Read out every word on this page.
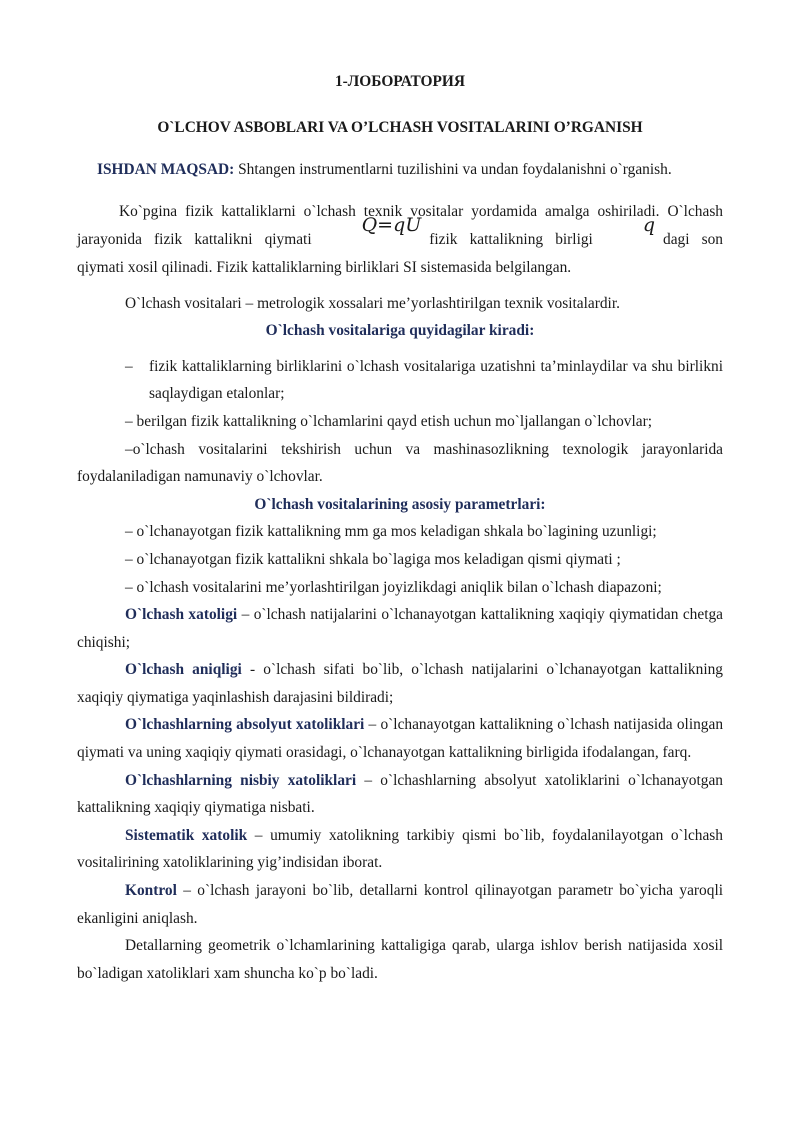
1-ЛОБОРАТОРИЯ

O`LCHOV ASBOBLARI VA O’LCHASH VOSITALARINI O’RGANISH

ISHDAN MAQSAD: Shtangen instrumentlarni tuzilishini va undan foydalanishni o`rganish.

Ko`pgina fizik kattaliklarni o`lchash texnik vositalar yordamida amalga oshiriladi. O`lchash jarayonida fizik kattalikni qiymatiQ=qUfizik kattalikning birligiqdagi son qiymati xosil qilinadi. Fizik kattaliklarning birliklari SI sistemasida belgilangan.

O`lchash vositalari – metrologik xossalari me’yorlashtirilgan texnik vositalardir.

O`lchash vositalariga quyidagilar kiradi:

–	fizik kattaliklarning birliklarini o`lchash vositalariga uzatishni ta’minlaydilar va shu birlikni saqlaydigan etalonlar;

– berilgan fizik kattalikning o`lchamlarini qayd etish uchun mo`ljallangan o`lchovlar;

–o`lchash vositalarini tekshirish uchun va mashinasozlikning texnologik jarayonlarida foydalaniladigan namunaviy o`lchovlar.

O`lchash vositalarining asosiy parametrlari:

– o`lchanayotgan fizik kattalikning mm ga mos keladigan shkala bo`lagining uzunligi;

– o`lchanayotgan fizik kattalikni shkala bo`lagiga mos keladigan qismi qiymati ;

– o`lchash vositalarini me’yorlashtirilgan joyizlikdagi aniqlik bilan o`lchash diapazoni;

O`lchash xatoligi – o`lchash natijalarini o`lchanayotgan kattalikning xaqiqiy qiymatidan chetga chiqishi;

O`lchash aniqligi - o`lchash sifati bo`lib, o`lchash natijalarini o`lchanayotgan kattalikning xaqiqiy qiymatiga yaqinlashish darajasini bildiradi;

O`lchashlarning absolyut xatoliklari – o`lchanayotgan kattalikning o`lchash natijasida olingan qiymati va uning xaqiqiy qiymati orasidagi, o`lchanayotgan kattalikning birligida ifodalangan, farq.

O`lchashlarning nisbiy xatoliklari – o`lchashlarning absolyut xatoliklarini o`lchanayotgan kattalikning xaqiqiy qiymatiga nisbati.

Sistematik xatolik – umumiy xatolikning tarkibiy qismi bo`lib, foydalanilayotgan o`lchash vositalirining xatoliklarining yig’indisidan iborat.

Kontrol – o`lchash jarayoni bo`lib, detallarni kontrol qilinayotgan parametr bo`yicha yaroqli ekanligini aniqlash.

Detallarning geometrik o`lchamlarining kattaligiga qarab, ularga ishlov berish natijasida xosil bo`ladigan xatoliklari xam shuncha ko`p bo`ladi.
